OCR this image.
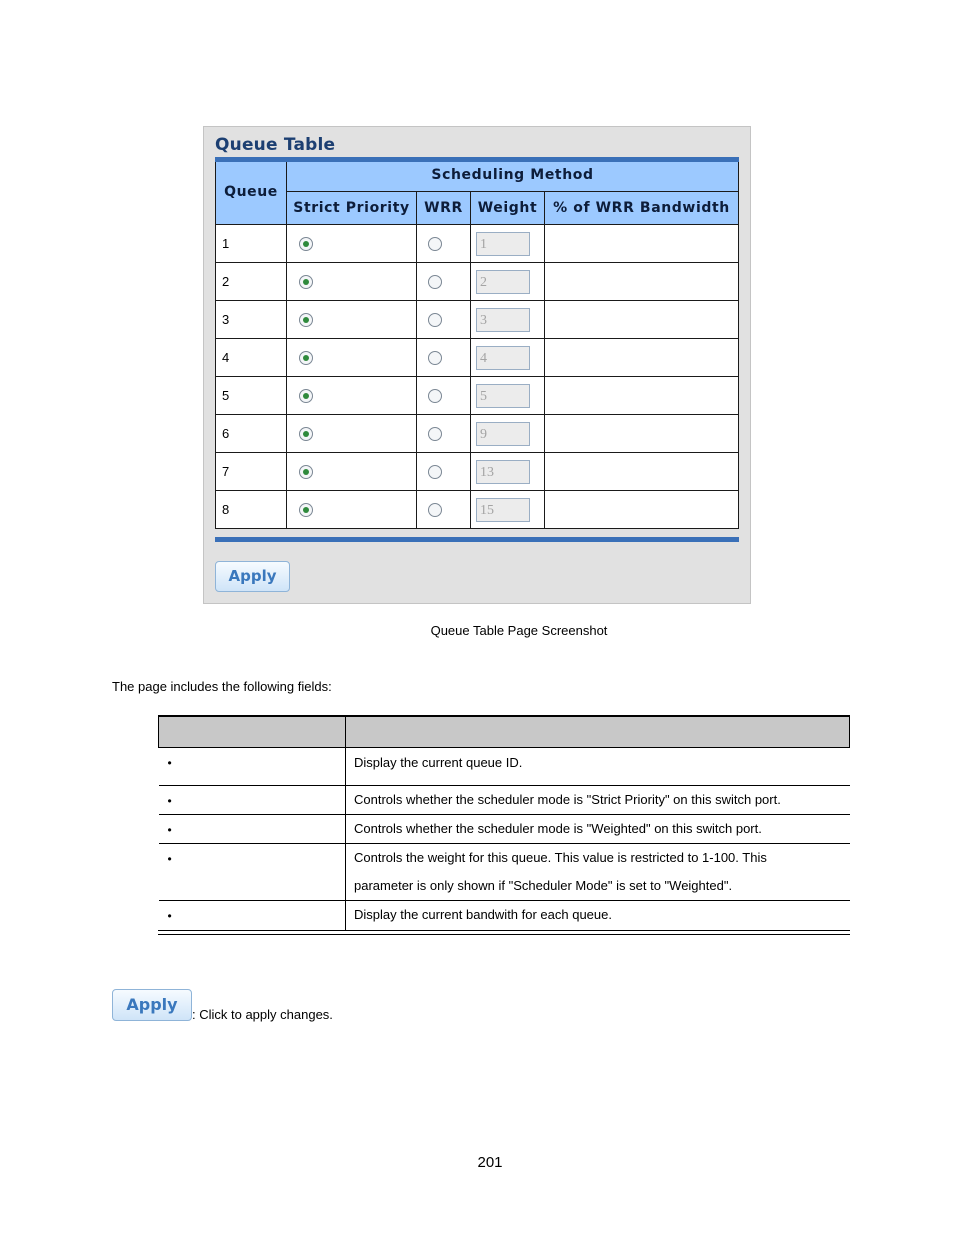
Queue Table
Queue	Scheduling Method			
	Strict Priority	WRR	Weight	% of WRR Bandwidth
1			1	
2			2	
3			3	
4			4	
5			5	
6			9	
7			13	
8			15	
Apply
Queue Table Page Screenshot
The page includes the following fields:

•	Display the current queue ID.

•	Controls whether the scheduler mode is "Strict Priority" on this switch port.

•	Controls whether the scheduler mode is "Weighted" on this switch port.

•	Controls the weight for this queue. This value is restricted to 1-100. This

parameter is only shown if "Scheduler Mode" is set to "Weighted".

•	Display the current bandwith for each queue.

Apply
: Click to apply changes.
201
